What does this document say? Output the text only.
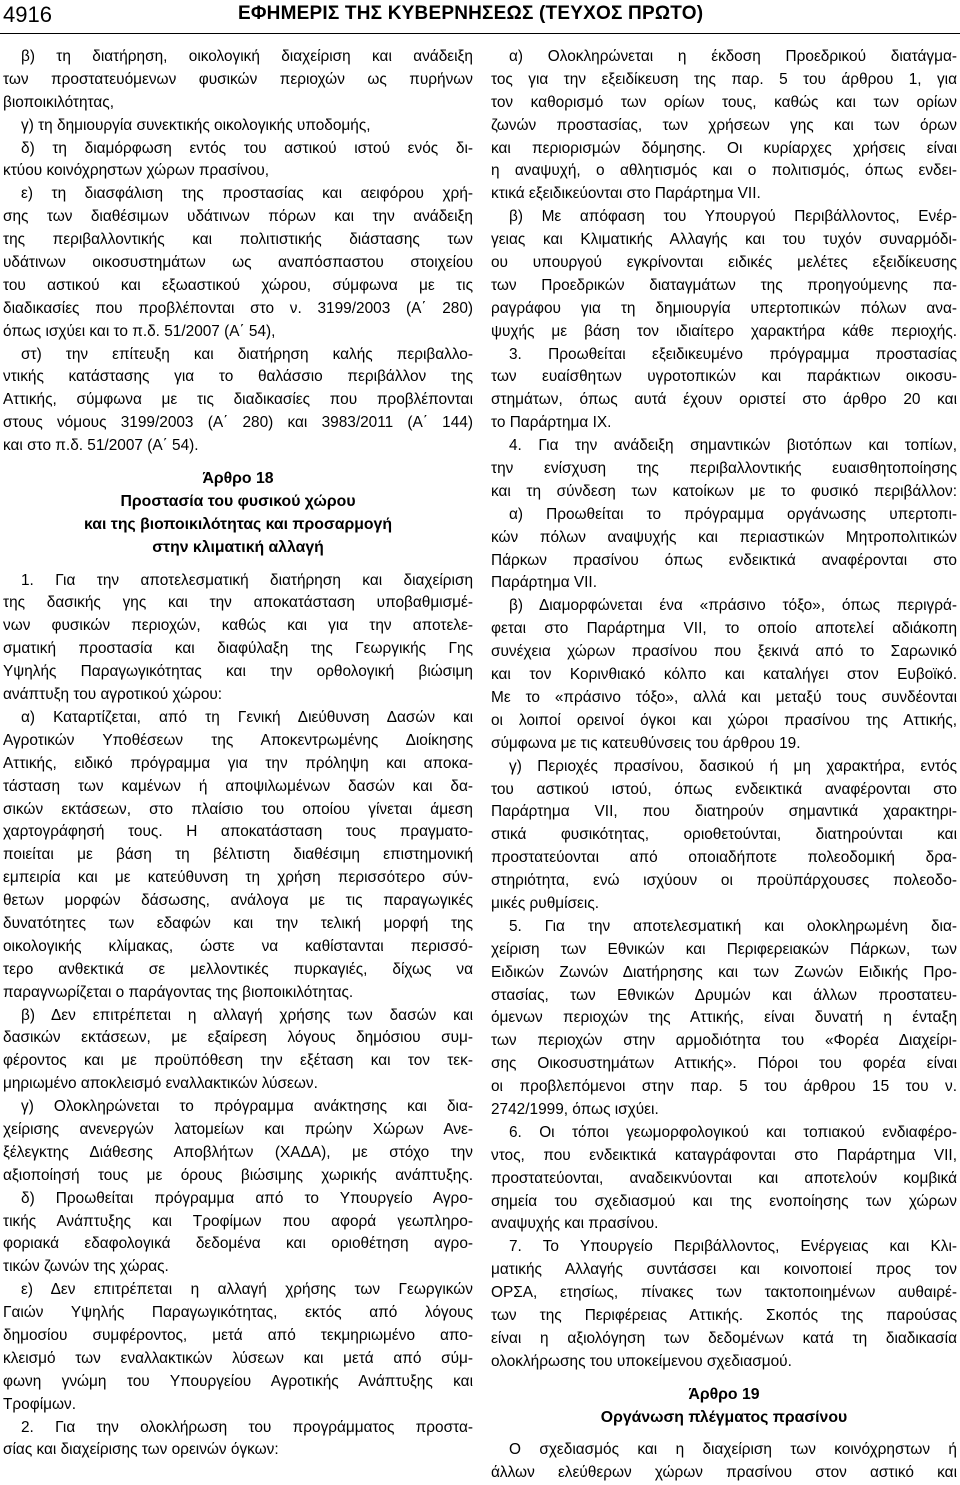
4916	ΕΦΗΜΕΡΙΣ ΤΗΣ ΚΥΒΕΡΝΗΣΕΩΣ (ΤΕΥΧΟΣ ΠΡΩΤΟ)
β) τη διατήρηση, οικολογική διαχείριση και ανάδειξη
των προστατευόμενων φυσικών περιοχών ως πυρήνων
βιοποικιλότητας,
γ) τη δημιουργία συνεκτικής οικολογικής υποδομής,
δ) τη διαμόρφωση εντός του αστικού ιστού ενός δι-
κτύου κοινόχρηστων χώρων πρασίνου,
ε) τη διασφάλιση της προστασίας και αειφόρου χρή-
σης των διαθέσιμων υδάτινων πόρων και την ανάδειξη
της περιβαλλοντικής και πολιτιστικής διάστασης των
υδάτινων οικοσυστημάτων ως αναπόσπαστου στοιχείου
του αστικού και εξωαστικού χώρου, σύμφωνα με τις
διαδικασίες που προβλέπονται στο ν. 3199/2003 (Α΄ 280)
όπως ισχύει και το π.δ. 51/2007 (Α΄ 54),
στ) την επίτευξη και διατήρηση καλής περιβαλλο-
ντικής κατάστασης για το θαλάσσιο περιβάλλον της
Αττικής, σύμφωνα με τις διαδικασίες που προβλέπονται
στους νόμους 3199/2003 (Α΄ 280) και 3983/2011 (Α΄ 144)
και στο π.δ. 51/2007 (Α΄ 54).
Άρθρο 18
Προστασία του φυσικού χώρου
και της βιοποικιλότητας και προσαρμογή
στην κλιματική αλλαγή
1. Για την αποτελεσματική διατήρηση και διαχείριση
της δασικής γης και την αποκατάσταση υποβαθμισμέ-
νων φυσικών περιοχών, καθώς και για την αποτελε-
σματική προστασία και διαφύλαξη της Γεωργικής Γης
Υψηλής Παραγωγικότητας και την ορθολογική βιώσιμη
ανάπτυξη του αγροτικού χώρου:
α) Καταρτίζεται, από τη Γενική Διεύθυνση Δασών και
Αγροτικών Υποθέσεων της Αποκεντρωμένης Διοίκησης
Αττικής, ειδικό πρόγραμμα για την πρόληψη και αποκα-
τάσταση των καμένων ή αποψιλωμένων δασών και δα-
σικών εκτάσεων, στο πλαίσιο του οποίου γίνεται άμεση
χαρτογράφησή τους. Η αποκατάσταση τους πραγματο-
ποιείται με βάση τη βέλτιστη διαθέσιμη επιστημονική
εμπειρία και με κατεύθυνση τη χρήση περισσότερο σύν-
θετων μορφών δάσωσης, ανάλογα με τις παραγωγικές
δυνατότητες των εδαφών και την τελική μορφή της
οικολογικής κλίμακας, ώστε να καθίστανται περισσό-
τερο ανθεκτικά σε μελλοντικές πυρκαγιές, δίχως να
παραγνωρίζεται ο παράγοντας της βιοποικιλότητας.
β) Δεν επιτρέπεται η αλλαγή χρήσης των δασών και
δασικών εκτάσεων, με εξαίρεση λόγους δημόσιου συμ-
φέροντος και με προϋπόθεση την εξέταση και τον τεκ-
μηριωμένο αποκλεισμό εναλλακτικών λύσεων.
γ) Ολοκληρώνεται το πρόγραμμα ανάκτησης και δια-
χείρισης ανενεργών λατομείων και πρώην Χώρων Ανε-
ξέλεγκτης Διάθεσης Αποβλήτων (ΧΑΔΑ), με στόχο την
αξιοποίησή τους με όρους βιώσιμης χωρικής ανάπτυξης.
δ) Προωθείται πρόγραμμα από το Υπουργείο Αγρο-
τικής Ανάπτυξης και Τροφίμων που αφορά γεωπληρο-
φοριακά εδαφολογικά δεδομένα και οριοθέτηση αγρο-
τικών ζωνών της χώρας.
ε) Δεν επιτρέπεται η αλλαγή χρήσης των Γεωργικών
Γαιών Υψηλής Παραγωγικότητας, εκτός από λόγους
δημοσίου συμφέροντος, μετά από τεκμηριωμένο απο-
κλεισμό των εναλλακτικών λύσεων και μετά από σύμ-
φωνη γνώμη του Υπουργείου Αγροτικής Ανάπτυξης και
Τροφίμων.
2. Για την ολοκλήρωση του προγράμματος προστα-
σίας και διαχείρισης των ορεινών όγκων:
α) Ολοκληρώνεται η έκδοση Προεδρικού διατάγμα-
τος για την εξειδίκευση της παρ. 5 του άρθρου 1, για
τον καθορισμό των ορίων τους, καθώς και των ορίων
ζωνών προστασίας, των χρήσεων γης και των όρων
και περιορισμών δόμησης. Οι κυρίαρχες χρήσεις είναι
η αναψυχή, ο αθλητισμός και ο πολιτισμός, όπως ενδει-
κτικά εξειδικεύονται στο Παράρτημα VII.
β) Με απόφαση του Υπουργού Περιβάλλοντος, Ενέρ-
γειας και Κλιματικής Αλλαγής και του τυχόν συναρμόδι-
ου υπουργού εγκρίνονται ειδικές μελέτες εξειδίκευσης
των Προεδρικών διαταγμάτων της προηγούμενης πα-
ραγράφου για τη δημιουργία υπερτοπικών πόλων ανα-
ψυχής με βάση τον ιδιαίτερο χαρακτήρα κάθε περιοχής.
3. Προωθείται εξειδικευμένο πρόγραμμα προστασίας
των ευαίσθητων υγροτοπικών και παράκτιων οικοσυ-
στημάτων, όπως αυτά έχουν οριστεί στο άρθρο 20 και
το Παράρτημα IX.
4. Για την ανάδειξη σημαντικών βιοτόπων και τοπίων,
την ενίσχυση της περιβαλλοντικής ευαισθητοποίησης
και τη σύνδεση των κατοίκων με το φυσικό περιβάλλον:
α) Προωθείται το πρόγραμμα οργάνωσης υπερτοπι-
κών πόλων αναψυχής και περιαστικών Μητροπολιτικών
Πάρκων πρασίνου όπως ενδεικτικά αναφέρονται στο
Παράρτημα VII.
β) Διαμορφώνεται ένα «πράσινο τόξο», όπως περιγρά-
φεται στο Παράρτημα VII, το οποίο αποτελεί αδιάκοπη
συνέχεια χώρων πρασίνου που ξεκινά από το Σαρωνικό
και τον Κορινθιακό κόλπο και καταλήγει στον Ευβοϊκό.
Με το «πράσινο τόξο», αλλά και μεταξύ τους συνδέονται
οι λοιποί ορεινοί όγκοι και χώροι πρασίνου της Αττικής,
σύμφωνα με τις κατευθύνσεις του άρθρου 19.
γ) Περιοχές πρασίνου, δασικού ή μη χαρακτήρα, εντός
του αστικού ιστού, όπως ενδεικτικά αναφέρονται στο
Παράρτημα VII, που διατηρούν σημαντικά χαρακτηρι-
στικά φυσικότητας, οριοθετούνται, διατηρούνται και
προστατεύονται από οποιαδήποτε πολεοδομική δρα-
στηριότητα, ενώ ισχύουν οι προϋπάρχουσες πολεοδο-
μικές ρυθμίσεις.
5. Για την αποτελεσματική και ολοκληρωμένη δια-
χείριση των Εθνικών και Περιφερειακών Πάρκων, των
Ειδικών Ζωνών Διατήρησης και των Ζωνών Ειδικής Προ-
στασίας, των Εθνικών Δρυμών και άλλων προστατευ-
όμενων περιοχών της Αττικής, είναι δυνατή η ένταξη
των περιοχών στην αρμοδιότητα του «Φορέα Διαχείρι-
σης Οικοσυστημάτων Αττικής». Πόροι του φορέα είναι
οι προβλεπόμενοι στην παρ. 5 του άρθρου 15 του ν.
2742/1999, όπως ισχύει.
6. Οι τόποι γεωμορφολογικού και τοπιακού ενδιαφέρο-
ντος, που ενδεικτικά καταγράφονται στο Παράρτημα VII,
προστατεύονται, αναδεικνύονται και αποτελούν κομβικά
σημεία του σχεδιασμού και της ενοποίησης των χώρων
αναψυχής και πρασίνου.
7. Το Υπουργείο Περιβάλλοντος, Ενέργειας και Κλι-
ματικής Αλλαγής συντάσσει και κοινοποιεί προς τον
ΟΡΣΑ, ετησίως, πίνακες των τακτοποιημένων αυθαιρέ-
των της Περιφέρειας Αττικής. Σκοπός της παρούσας
είναι η αξιολόγηση των δεδομένων κατά τη διαδικασία
ολοκλήρωσης του υποκείμενου σχεδιασμού.
Άρθρο 19
Οργάνωση πλέγματος πρασίνου
Ο σχεδιασμός και η διαχείριση των κοινόχρηστων ή
άλλων ελεύθερων χώρων πρασίνου στον αστικό και
